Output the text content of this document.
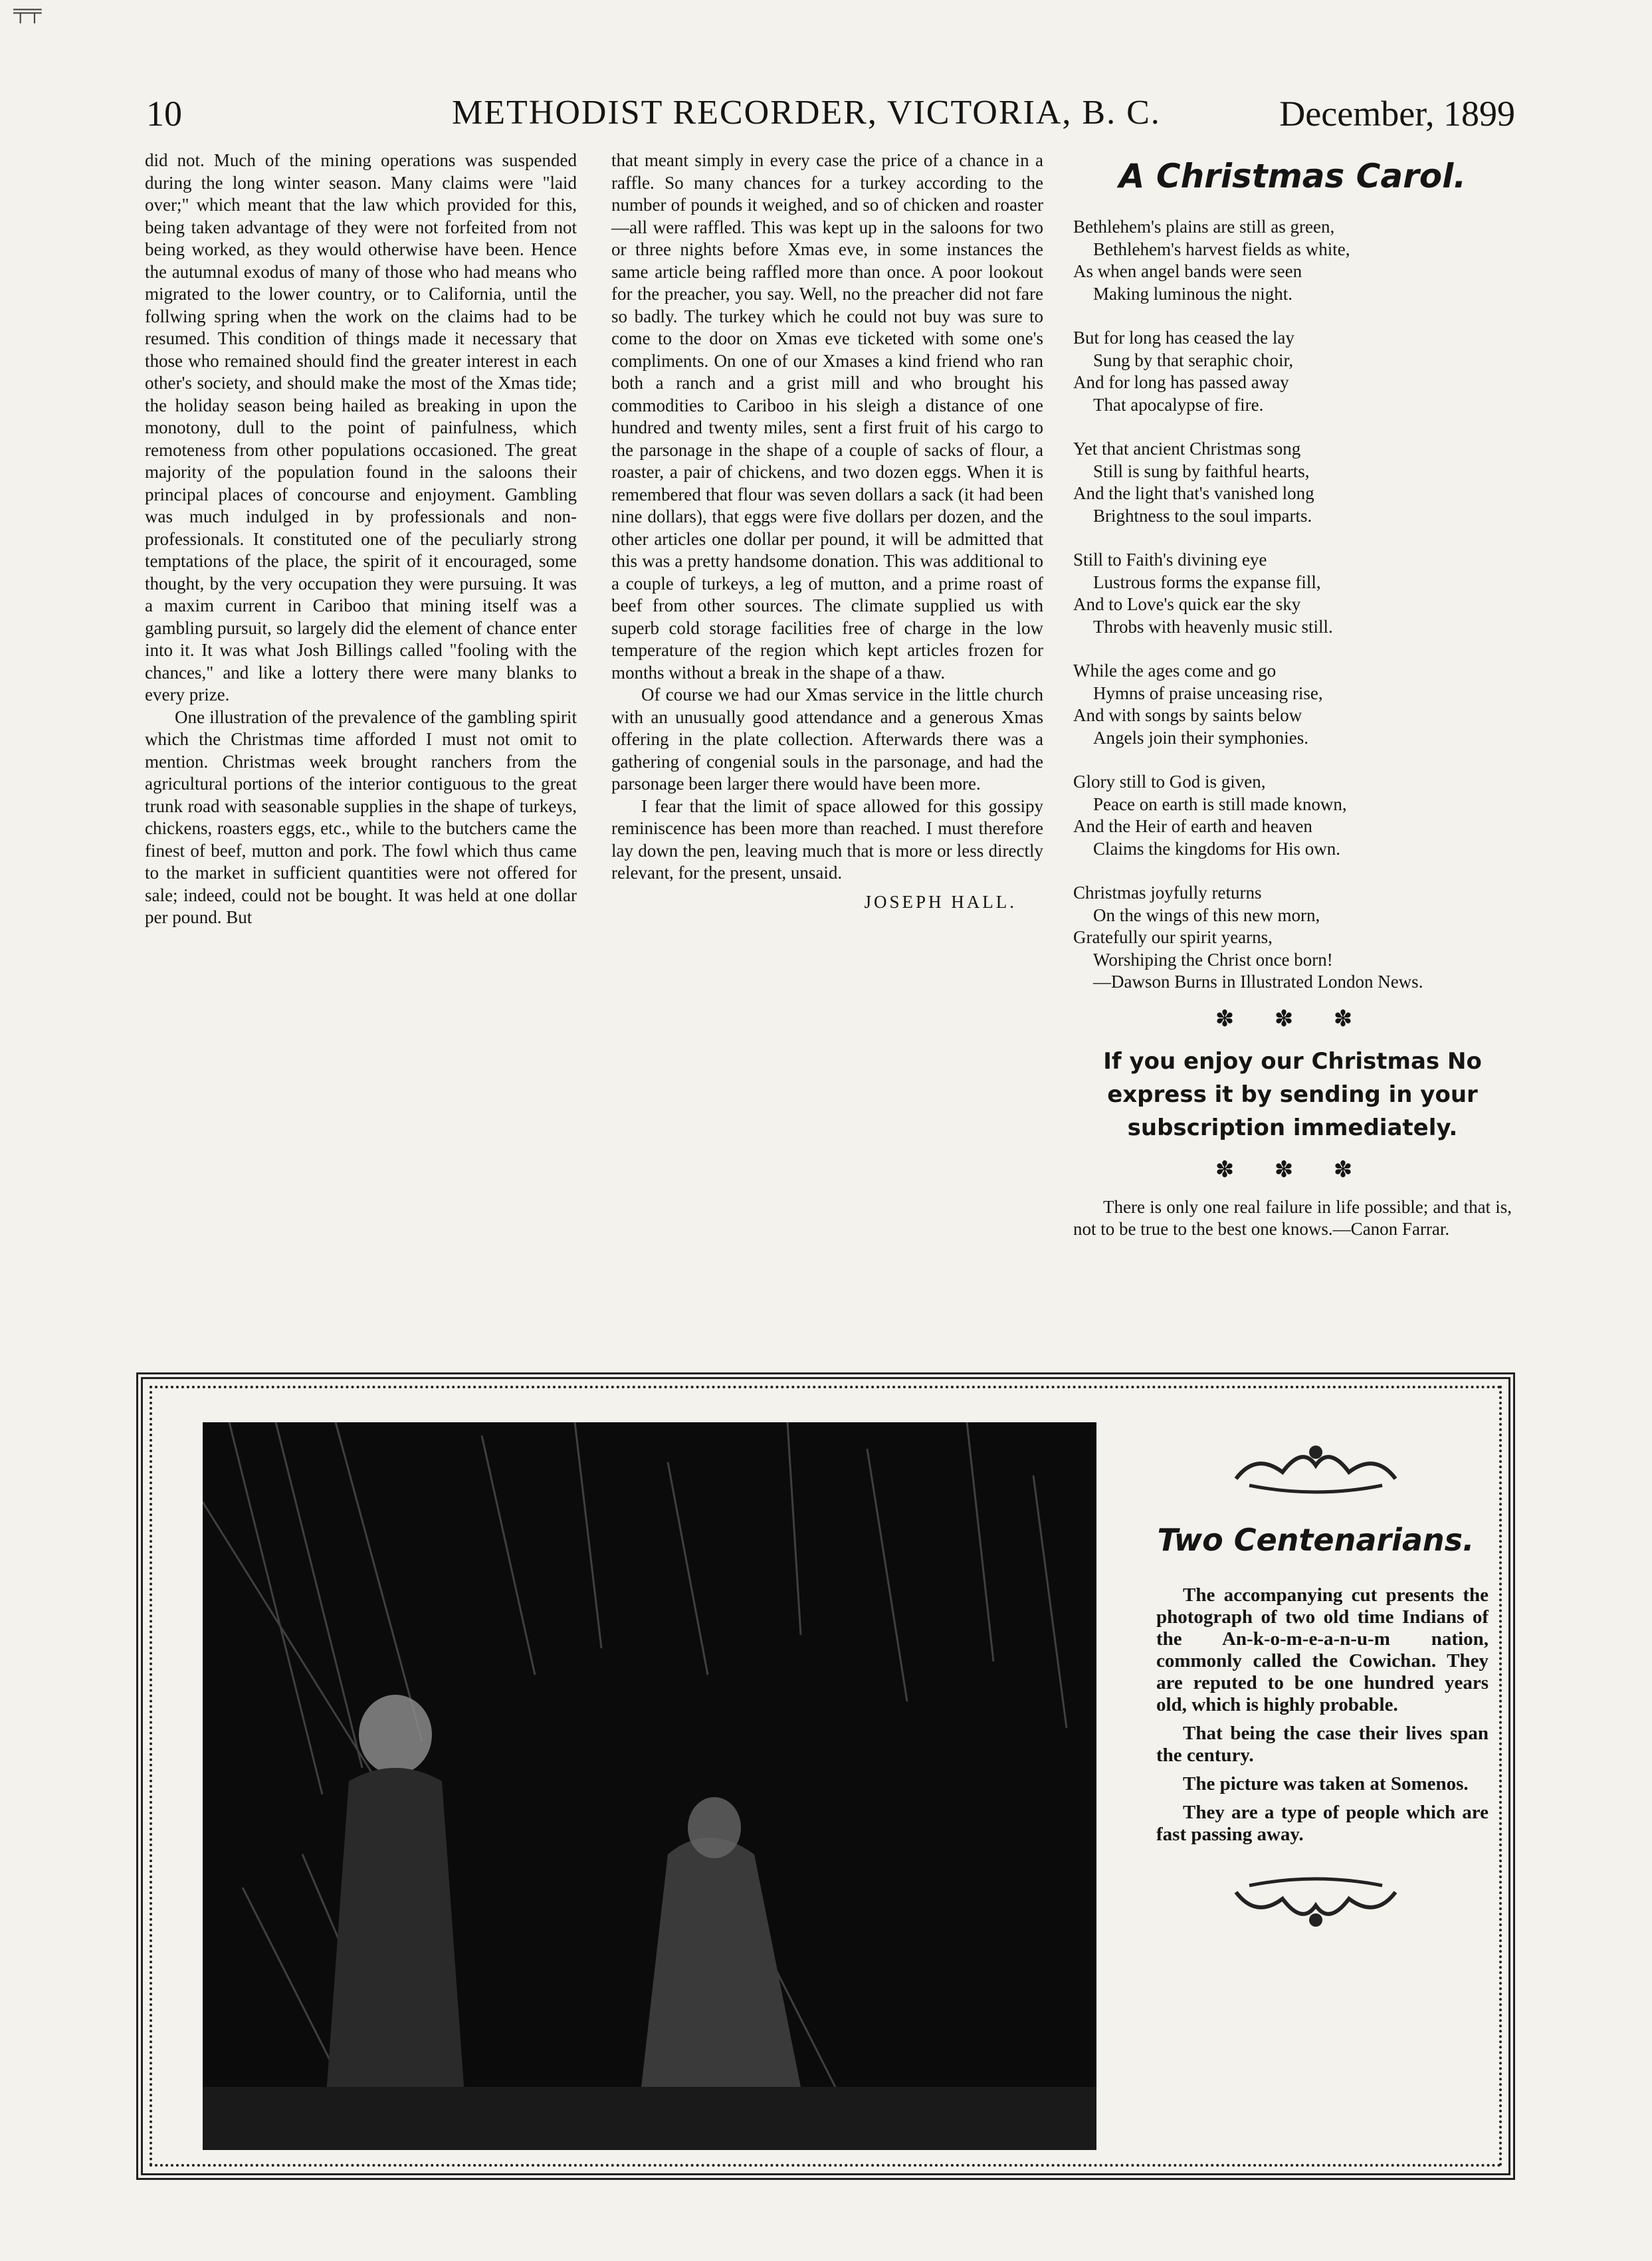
╤╤
10	METHODIST RECORDER, VICTORIA, B. C.	December, 1899

did not. Much of the mining operations was suspended during the long winter season. Many claims were "laid over;" which meant that the law which provided for this, being taken advantage of they were not forfeited from not being worked, as they would otherwise have been. Hence the autumnal exodus of many of those who had means who migrated to the lower country, or to California, until the follwing spring when the work on the claims had to be resumed. This condition of things made it necessary that those who remained should find the greater interest in each other's society, and should make the most of the Xmas tide; the holiday season being hailed as breaking in upon the monotony, dull to the point of painfulness, which remoteness from other populations occasioned. The great majority of the population found in the saloons their principal places of concourse and enjoyment. Gambling was much indulged in by professionals and non-professionals. It constituted one of the peculiarly strong temptations of the place, the spirit of it encouraged, some thought, by the very occupation they were pursuing. It was a maxim current in Cariboo that mining itself was a gambling pursuit, so largely did the element of chance enter into it. It was what Josh Billings called "fooling with the chances," and like a lottery there were many blanks to every prize.

One illustration of the prevalence of the gambling spirit which the Christmas time afforded I must not omit to mention. Christmas week brought ranchers from the agricultural portions of the interior contiguous to the great trunk road with seasonable supplies in the shape of turkeys, chickens, roasters eggs, etc., while to the butchers came the finest of beef, mutton and pork. The fowl which thus came to the market in sufficient quantities were not offered for sale; indeed, could not be bought. It was held at one dollar per pound. But

that meant simply in every case the price of a chance in a raffle. So many chances for a turkey according to the number of pounds it weighed, and so of chicken and roaster—all were raffled. This was kept up in the saloons for two or three nights before Xmas eve, in some instances the same article being raffled more than once. A poor lookout for the preacher, you say. Well, no the preacher did not fare so badly. The turkey which he could not buy was sure to come to the door on Xmas eve ticketed with some one's compliments. On one of our Xmases a kind friend who ran both a ranch and a grist mill and who brought his commodities to Cariboo in his sleigh a distance of one hundred and twenty miles, sent a first fruit of his cargo to the parsonage in the shape of a couple of sacks of flour, a roaster, a pair of chickens, and two dozen eggs. When it is remembered that flour was seven dollars a sack (it had been nine dollars), that eggs were five dollars per dozen, and the other articles one dollar per pound, it will be admitted that this was a pretty handsome donation. This was additional to a couple of turkeys, a leg of mutton, and a prime roast of beef from other sources. The climate supplied us with superb cold storage facilities free of charge in the low temperature of the region which kept articles frozen for months without a break in the shape of a thaw.

Of course we had our Xmas service in the little church with an unusually good attendance and a generous Xmas offering in the plate collection. Afterwards there was a gathering of congenial souls in the parsonage, and had the parsonage been larger there would have been more.

I fear that the limit of space allowed for this gossipy reminiscence has been more than reached. I must therefore lay down the pen, leaving much that is more or less directly relevant, for the present, unsaid.

JOSEPH HALL.
A Christmas Carol.
Bethlehem's plains are still as green,
Bethlehem's harvest fields as white,
As when angel bands were seen
Making luminous the night.
But for long has ceased the lay
Sung by that seraphic choir,
And for long has passed away
That apocalypse of fire.
Yet that ancient Christmas song
Still is sung by faithful hearts,
And the light that's vanished long
Brightness to the soul imparts.
Still to Faith's divining eye
Lustrous forms the expanse fill,
And to Love's quick ear the sky
Throbs with heavenly music still.
While the ages come and go
Hymns of praise unceasing rise,
And with songs by saints below
Angels join their symphonies.
Glory still to God is given,
Peace on earth is still made known,
And the Heir of earth and heaven
Claims the kingdoms for His own.
Christmas joyfully returns
On the wings of this new morn,
Gratefully our spirit yearns,
Worshiping the Christ once born!
—Dawson Burns in Illustrated London News.
✽ ✽ ✽
If you enjoy our Christmas No express it by sending in your subscription immediately.
✽ ✽ ✽

There is only one real failure in life possible; and that is, not to be true to the best one knows.—Canon Farrar.

Two Centenarians.

The accompanying cut presents the photograph of two old time Indians of the An-k-o-m-e-a-n-u-m nation, commonly called the Cowichan. They are reputed to be one hundred years old, which is highly probable.

That being the case their lives span the century.

The picture was taken at Somenos.

They are a type of people which are fast passing away.
